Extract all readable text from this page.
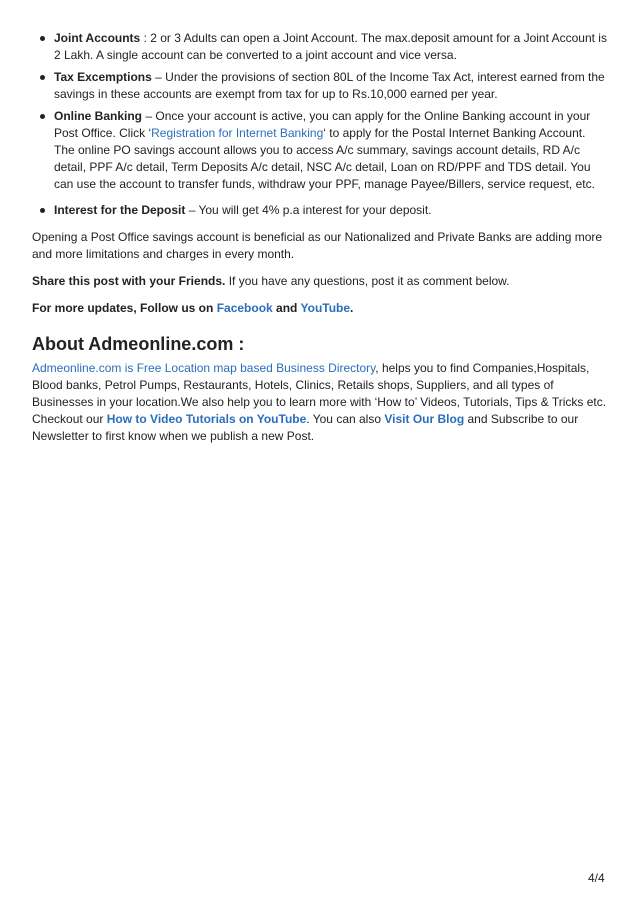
Joint Accounts : 2 or 3 Adults can open a Joint Account. The max.deposit amount for a Joint Account is 2 Lakh. A single account can be converted to a joint account and vice versa.
Tax Excemptions – Under the provisions of section 80L of the Income Tax Act, interest earned from the savings in these accounts are exempt from tax for up to Rs.10,000 earned per year.
Online Banking – Once your account is active, you can apply for the Online Banking account in your Post Office. Click ‘Registration for Internet Banking‘ to apply for the Postal Internet Banking Account. The online PO savings account allows you to access A/c summary, savings account details, RD A/c detail, PPF A/c detail, Term Deposits A/c detail, NSC A/c detail, Loan on RD/PPF and TDS detail. You can use the account to transfer funds, withdraw your PPF, manage Payee/Billers, service request, etc.
Interest for the Deposit – You will get 4% p.a interest for your deposit.

Opening a Post Office savings account is beneficial as our Nationalized and Private Banks are adding more and more limitations and charges in every month.

Share this post with your Friends. If you have any questions, post it as comment below.

For more updates, Follow us on Facebook and YouTube.

About Admeonline.com :

Admeonline.com is Free Location map based Business Directory, helps you to find Companies,Hospitals, Blood banks, Petrol Pumps, Restaurants, Hotels, Clinics, Retails shops, Suppliers, and all types of Businesses in your location.We also help you to learn more with ‘How to’ Videos, Tutorials, Tips & Tricks etc. Checkout our How to Video Tutorials on YouTube. You can also Visit Our Blog and Subscribe to our Newsletter to first know when we publish a new Post.

4/4
